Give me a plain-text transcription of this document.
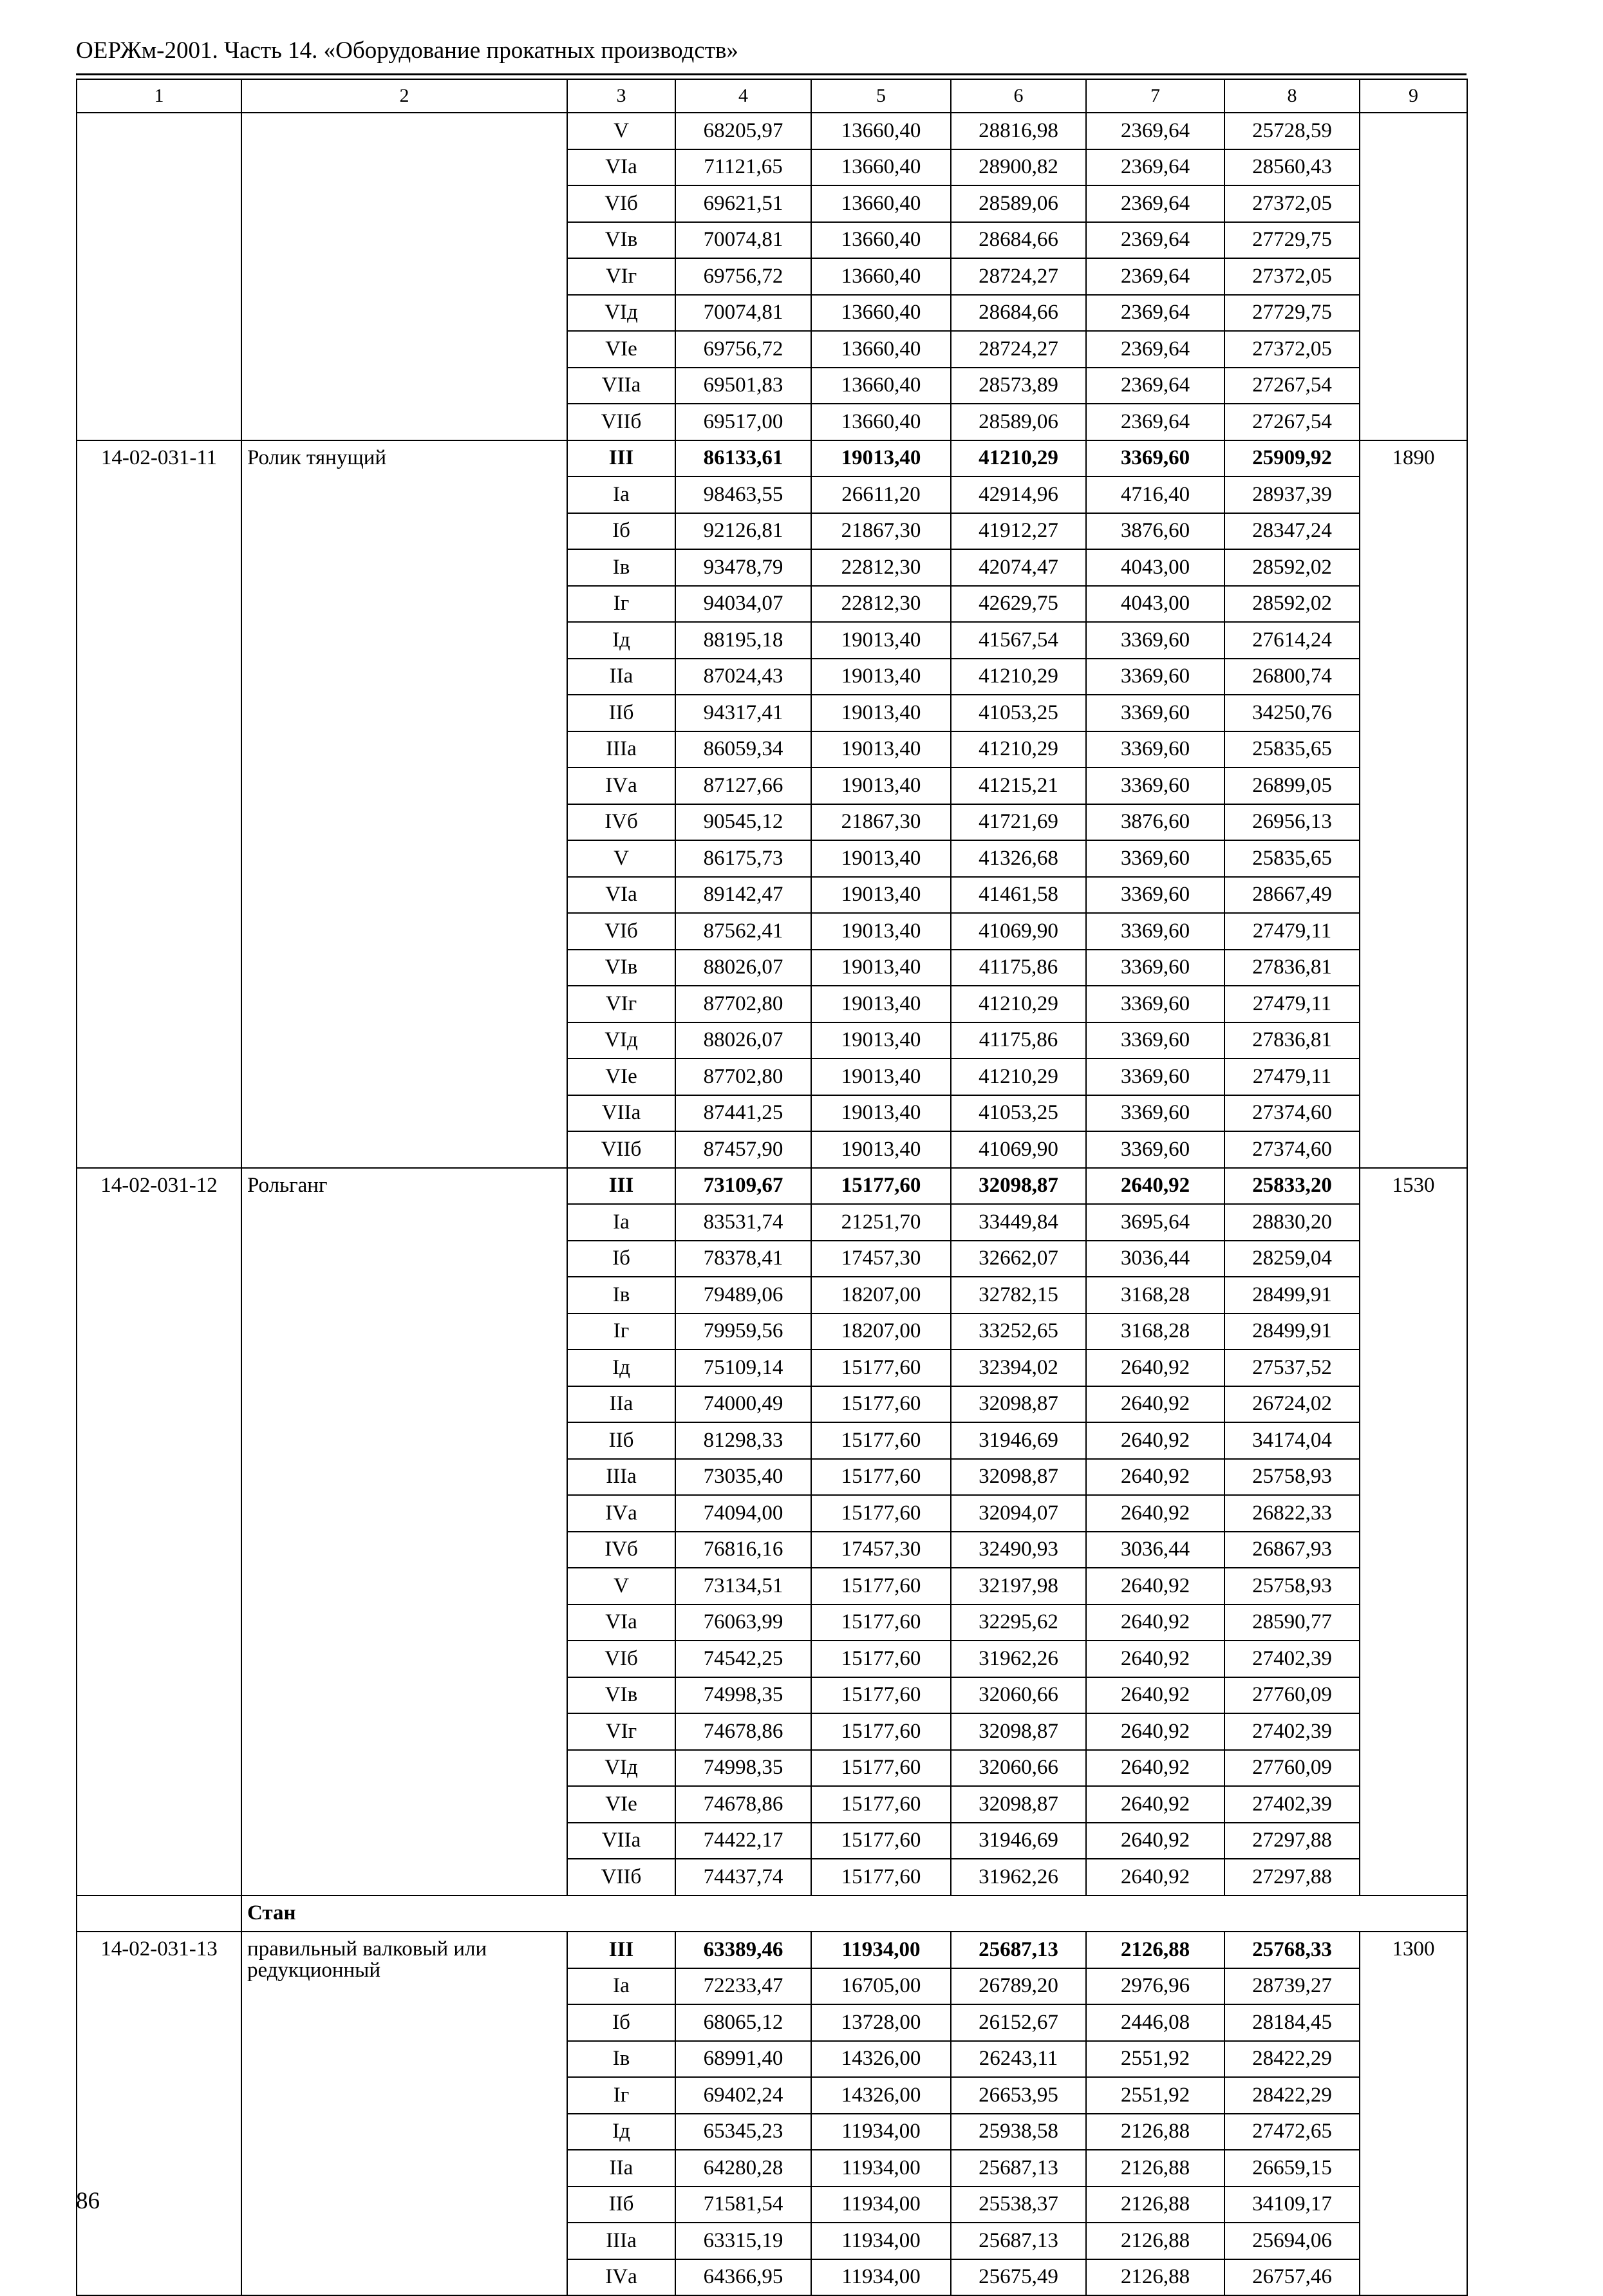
ОЕРЖм-2001. Часть 14. «Оборудование прокатных производств»
1	2	3	4	5	6	7	8	9
		V	68205,97	13660,40	28816,98	2369,64	25728,59	
		VIа	71121,65	13660,40	28900,82	2369,64	28560,43	
		VIб	69621,51	13660,40	28589,06	2369,64	27372,05	
		VIв	70074,81	13660,40	28684,66	2369,64	27729,75	
		VIг	69756,72	13660,40	28724,27	2369,64	27372,05	
		VIд	70074,81	13660,40	28684,66	2369,64	27729,75	
		VIе	69756,72	13660,40	28724,27	2369,64	27372,05	
		VIIа	69501,83	13660,40	28573,89	2369,64	27267,54	
		VIIб	69517,00	13660,40	28589,06	2369,64	27267,54	
14-02-031-11	Ролик тянущий	III	86133,61	19013,40	41210,29	3369,60	25909,92	1890
		Iа	98463,55	26611,20	42914,96	4716,40	28937,39	
		Iб	92126,81	21867,30	41912,27	3876,60	28347,24	
		Iв	93478,79	22812,30	42074,47	4043,00	28592,02	
		Iг	94034,07	22812,30	42629,75	4043,00	28592,02	
		Iд	88195,18	19013,40	41567,54	3369,60	27614,24	
		IIа	87024,43	19013,40	41210,29	3369,60	26800,74	
		IIб	94317,41	19013,40	41053,25	3369,60	34250,76	
		IIIа	86059,34	19013,40	41210,29	3369,60	25835,65	
		IVа	87127,66	19013,40	41215,21	3369,60	26899,05	
		IVб	90545,12	21867,30	41721,69	3876,60	26956,13	
		V	86175,73	19013,40	41326,68	3369,60	25835,65	
		VIа	89142,47	19013,40	41461,58	3369,60	28667,49	
		VIб	87562,41	19013,40	41069,90	3369,60	27479,11	
		VIв	88026,07	19013,40	41175,86	3369,60	27836,81	
		VIг	87702,80	19013,40	41210,29	3369,60	27479,11	
		VIд	88026,07	19013,40	41175,86	3369,60	27836,81	
		VIе	87702,80	19013,40	41210,29	3369,60	27479,11	
		VIIа	87441,25	19013,40	41053,25	3369,60	27374,60	
		VIIб	87457,90	19013,40	41069,90	3369,60	27374,60	
14-02-031-12	Рольганг	III	73109,67	15177,60	32098,87	2640,92	25833,20	1530
		Iа	83531,74	21251,70	33449,84	3695,64	28830,20	
		Iб	78378,41	17457,30	32662,07	3036,44	28259,04	
		Iв	79489,06	18207,00	32782,15	3168,28	28499,91	
		Iг	79959,56	18207,00	33252,65	3168,28	28499,91	
		Iд	75109,14	15177,60	32394,02	2640,92	27537,52	
		IIа	74000,49	15177,60	32098,87	2640,92	26724,02	
		IIб	81298,33	15177,60	31946,69	2640,92	34174,04	
		IIIа	73035,40	15177,60	32098,87	2640,92	25758,93	
		IVа	74094,00	15177,60	32094,07	2640,92	26822,33	
		IVб	76816,16	17457,30	32490,93	3036,44	26867,93	
		V	73134,51	15177,60	32197,98	2640,92	25758,93	
		VIа	76063,99	15177,60	32295,62	2640,92	28590,77	
		VIб	74542,25	15177,60	31962,26	2640,92	27402,39	
		VIв	74998,35	15177,60	32060,66	2640,92	27760,09	
		VIг	74678,86	15177,60	32098,87	2640,92	27402,39	
		VIд	74998,35	15177,60	32060,66	2640,92	27760,09	
		VIе	74678,86	15177,60	32098,87	2640,92	27402,39	
		VIIа	74422,17	15177,60	31946,69	2640,92	27297,88	
		VIIб	74437,74	15177,60	31962,26	2640,92	27297,88	
	Стан							
14-02-031-13	правильный валковый или редукционный	III	63389,46	11934,00	25687,13	2126,88	25768,33	1300
		Iа	72233,47	16705,00	26789,20	2976,96	28739,27	
		Iб	68065,12	13728,00	26152,67	2446,08	28184,45	
		Iв	68991,40	14326,00	26243,11	2551,92	28422,29	
		Iг	69402,24	14326,00	26653,95	2551,92	28422,29	
		Iд	65345,23	11934,00	25938,58	2126,88	27472,65	
		IIа	64280,28	11934,00	25687,13	2126,88	26659,15	
		IIб	71581,54	11934,00	25538,37	2126,88	34109,17	
		IIIа	63315,19	11934,00	25687,13	2126,88	25694,06	
		IVа	64366,95	11934,00	25675,49	2126,88	26757,46	
86
